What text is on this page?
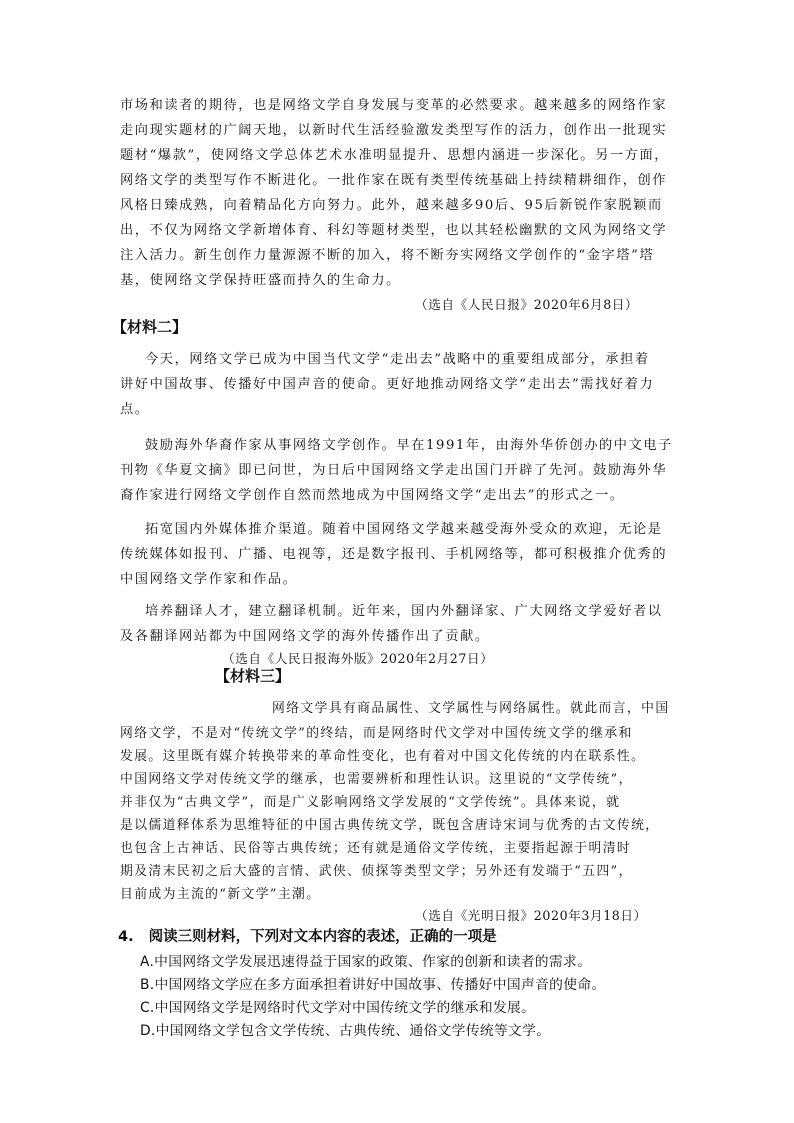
市场和读者的期待，也是网络文学自身发展与变革的必然要求。越来越多的网络作家
走向现实题材的广阔天地，以新时代生活经验激发类型写作的活力，创作出一批现实
题材“爆款”，使网络文学总体艺术水准明显提升、思想内涵进一步深化。另一方面，
网络文学的类型写作不断进化。一批作家在既有类型传统基础上持续精耕细作，创作
风格日臻成熟，向着精品化方向努力。此外，越来越多90后、95后新锐作家脱颖而
出，不仅为网络文学新增体育、科幻等题材类型，也以其轻松幽默的文风为网络文学
注入活力。新生创作力量源源不断的加入，将不断夯实网络文学创作的“金字塔”塔
基，使网络文学保持旺盛而持久的生命力。
（选自《人民日报》2020年6月8日）
【材料二】
今天，网络文学已成为中国当代文学“走出去”战略中的重要组成部分，承担着
讲好中国故事、传播好中国声音的使命。更好地推动网络文学“走出去”需找好着力
点。
鼓励海外华裔作家从事网络文学创作。早在1991年，由海外华侨创办的中文电子
刊物《华夏文摘》即已问世，为日后中国网络文学走出国门开辟了先河。鼓励海外华
裔作家进行网络文学创作自然而然地成为中国网络文学“走出去”的形式之一。
拓宽国内外媒体推介渠道。随着中国网络文学越来越受海外受众的欢迎，无论是
传统媒体如报刊、广播、电视等，还是数字报刊、手机网络等，都可积极推介优秀的
中国网络文学作家和作品。
培养翻译人才，建立翻译机制。近年来，国内外翻译家、广大网络文学爱好者以
及各翻译网站都为中国网络文学的海外传播作出了贡献。
（选自《人民日报海外版》2020年2月27日）
【材料三】
网络文学具有商品属性、文学属性与网络属性。就此而言，中国
网络文学，不是对“传统文学”的终结，而是网络时代文学对中国传统文学的继承和
发展。这里既有媒介转换带来的革命性变化，也有着对中国文化传统的内在联系性。
中国网络文学对传统文学的继承，也需要辨析和理性认识。这里说的“文学传统”，
并非仅为“古典文学”，而是广义影响网络文学发展的“文学传统”。具体来说，就
是以儒道释体系为思维特征的中国古典传统文学，既包含唐诗宋词与优秀的古文传统，
也包含上古神话、民俗等古典传统；还有就是通俗文学传统，主要指起源于明清时
期及清末民初之后大盛的言情、武侠、侦探等类型文学；另外还有发端于“五四”，
目前成为主流的“新文学”主潮。
（选自《光明日报》2020年3月18日）
4. 阅读三则材料，下列对文本内容的表述，正确的一项是
A.中国网络文学发展迅速得益于国家的政策、作家的创新和读者的需求。
B.中国网络文学应在多方面承担着讲好中国故事、传播好中国声音的使命。
C.中国网络文学是网络时代文学对中国传统文学的继承和发展。
D.中国网络文学包含文学传统、古典传统、通俗文学传统等文学。
